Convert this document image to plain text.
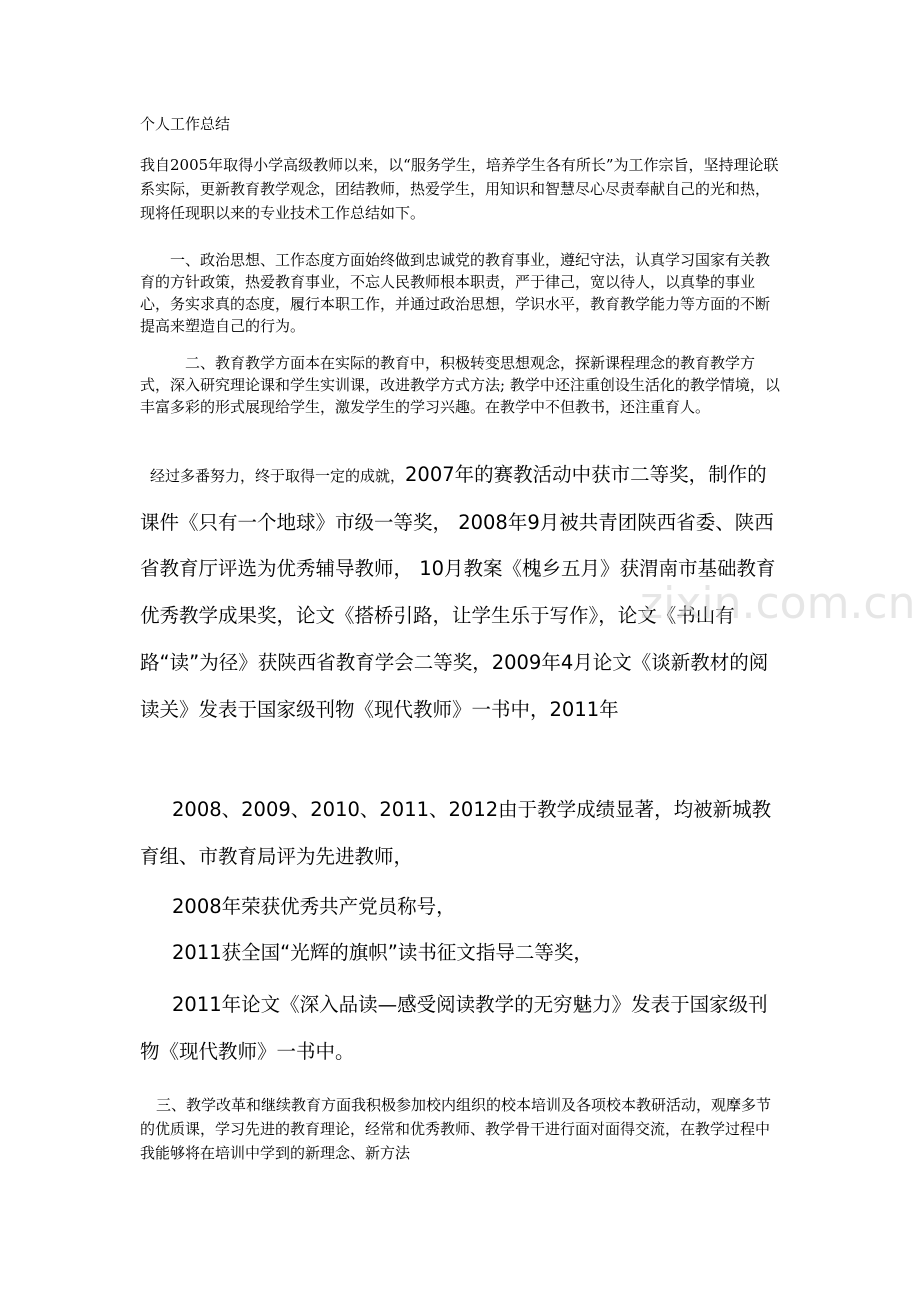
个人工作总结

我自2005年取得小学高级教师以来，以“服务学生，培养学生各有所长”为工作宗旨，坚持理论联系实际，更新教育教学观念，团结教师，热爱学生，用知识和智慧尽心尽责奉献自己的光和热，现将任现职以来的专业技术工作总结如下。

一、政治思想、工作态度方面始终做到忠诚党的教育事业，遵纪守法，认真学习国家有关教育的方针政策，热爱教育事业，不忘人民教师根本职责，严于律己，宽以待人，以真挚的事业心，务实求真的态度，履行本职工作，并通过政治思想，学识水平，教育教学能力等方面的不断提高来塑造自己的行为。

二、教育教学方面本在实际的教育中，积极转变思想观念，探新课程理念的教育教学方式，深入研究理论课和学生实训课，改进教学方式方法; 教学中还注重创设生活化的教学情境，以丰富多彩的形式展现给学生，激发学生的学习兴趣。在教学中不但教书，还注重育人。

经过多番努力，终于取得一定的成就，2007年的赛教活动中获市二等奖，制作的课件《只有一个地球》市级一等奖， 2008年9月被共青团陕西省委、陕西省教育厅评选为优秀辅导教师， 10月教案《槐乡五月》获渭南市基础教育优秀教学成果奖，论文《搭桥引路，让学生乐于写作》，论文《书山有路“读”为径》获陕西省教育学会二等奖，2009年4月论文《谈新教材的阅读关》发表于国家级刊物《现代教师》一书中，2011年

2008、2009、2010、2011、2012由于教学成绩显著，均被新城教育组、市教育局评为先进教师，

2008年荣获优秀共产党员称号，

2011获全国“光辉的旗帜”读书征文指导二等奖，

2011年论文《深入品读—感受阅读教学的无穷魅力》发表于国家级刊物《现代教师》一书中。

三、教学改革和继续教育方面我积极参加校内组织的校本培训及各项校本教研活动，观摩多节的优质课，学习先进的教育理论，经常和优秀教师、教学骨干进行面对面得交流，在教学过程中我能够将在培训中学到的新理念、新方法

zixin.com.cn
